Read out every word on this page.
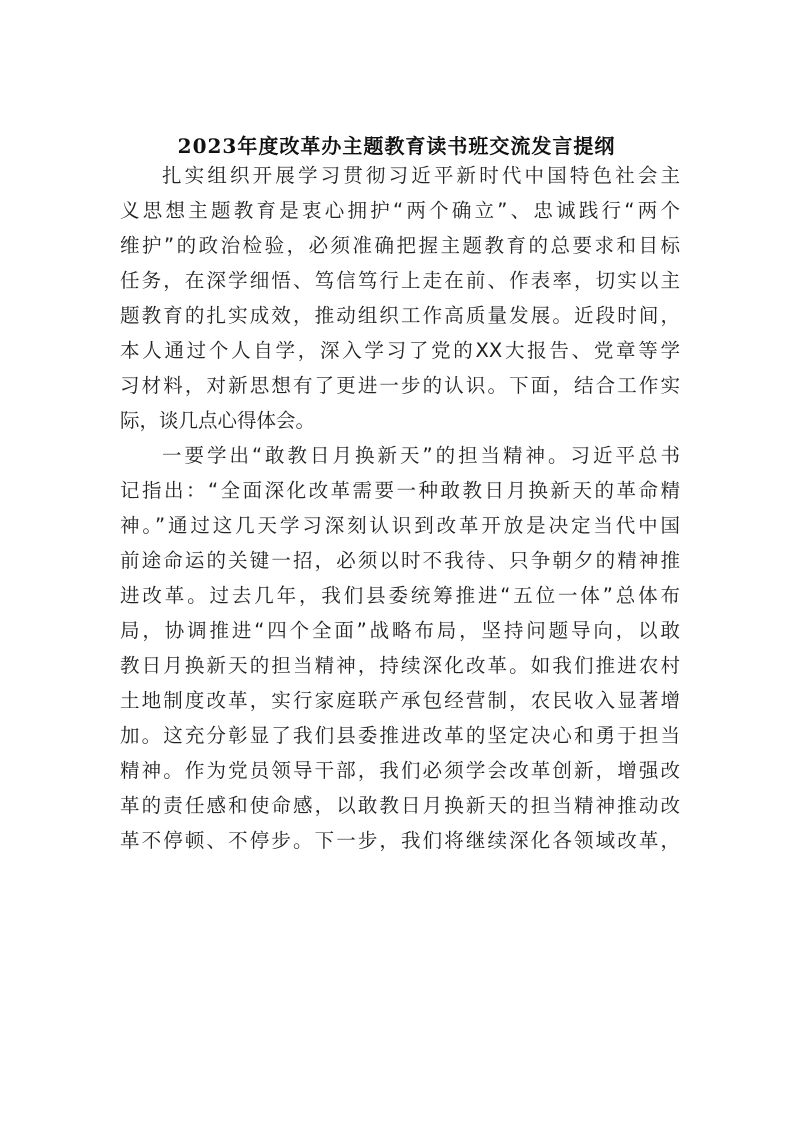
2023年度改革办主题教育读书班交流发言提纲
扎实组织开展学习贯彻习近平新时代中国特色社会主
义思想主题教育是衷心拥护“两个确立”、忠诚践行“两个
维护”的政治检验，必须准确把握主题教育的总要求和目标
任务，在深学细悟、笃信笃行上走在前、作表率，切实以主
题教育的扎实成效，推动组织工作高质量发展。近段时间，
本人通过个人自学，深入学习了党的XX大报告、党章等学
习材料，对新思想有了更进一步的认识。下面，结合工作实
际，谈几点心得体会。
一要学出“敢教日月换新天”的担当精神。习近平总书
记指出：“全面深化改革需要一种敢教日月换新天的革命精
神。”通过这几天学习深刻认识到改革开放是决定当代中国
前途命运的关键一招，必须以时不我待、只争朝夕的精神推
进改革。过去几年，我们县委统筹推进“五位一体”总体布
局，协调推进“四个全面”战略布局，坚持问题导向，以敢
教日月换新天的担当精神，持续深化改革。如我们推进农村
土地制度改革，实行家庭联产承包经营制，农民收入显著增
加。这充分彰显了我们县委推进改革的坚定决心和勇于担当
精神。作为党员领导干部，我们必须学会改革创新，增强改
革的责任感和使命感，以敢教日月换新天的担当精神推动改
革不停顿、不停步。下一步，我们将继续深化各领域改革，
